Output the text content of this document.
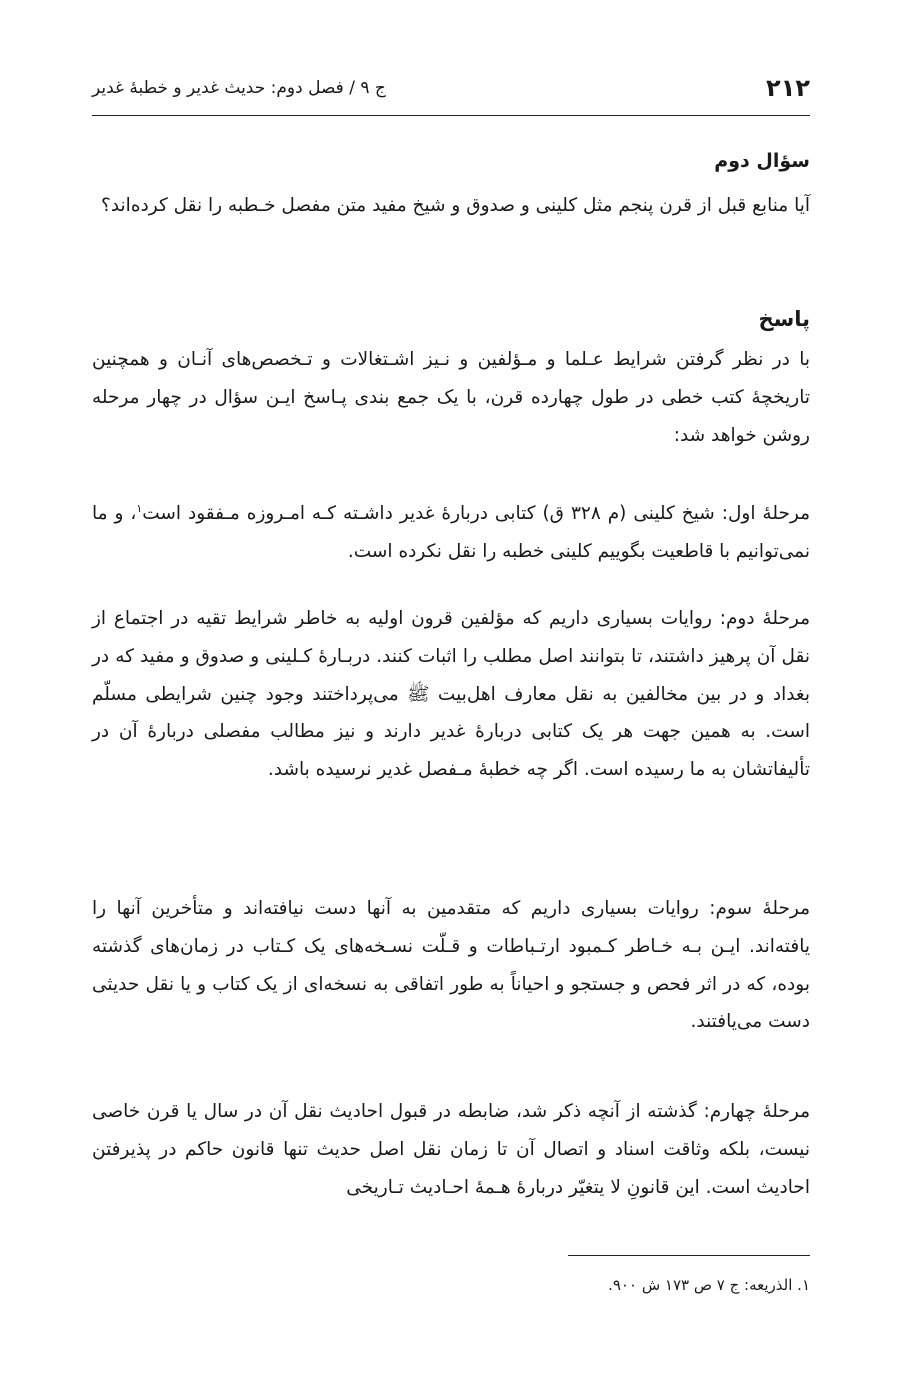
۲۱۲
ج ۹ / فصل دوم: حدیث غدیر و خطبۀ غدیر
سؤال دوم

آیا منابع قبل از قرن پنجم مثل کلینی و صدوق و شیخ مفید متن مفصل خـطبه را نقل کرده‌اند؟

پاسخ

با در نظر گرفتن شرایط عـلما و مـؤلفین و نـیز اشـتغالات و تـخصص‌های آنـان و همچنین تاریخچۀ کتب خطی در طول چهارده قرن، با یک جمع بندی پـاسخ ایـن سؤال در چهار مرحله روشن خواهد شد:

مرحلۀ اول: شیخ کلینی (م ۳۲۸ ق) کتابی دربارۀ غدیر داشـته کـه امـروزه مـفقود است$^۱$، و ما نمی‌توانیم با قاطعیت بگوییم کلینی خطبه را نقل نکرده است.

مرحلۀ دوم: روایات بسیاری داریم که مؤلفین قرون اولیه به خاطر شرایط تقیه در اجتماع از نقل آن پرهیز داشتند، تا بتوانند اصل مطلب را اثبات کنند. دربـارۀ کـلینی و صدوق و مفید که در بغداد و در بین مخالفین به نقل معارف اهل‌بیت ﷺ می‌پرداختند وجود چنین شرایطی مسلّم است. به همین جهت هر یک کتابی دربارۀ غدیر دارند و نیز مطالب مفصلی دربارۀ آن در تألیفاتشان به ما رسیده است. اگر چه خطبۀ مـفصل غدیر نرسیده باشد.

مرحلۀ سوم: روایات بسیاری داریم که متقدمین به آنها دست نیافته‌اند و متأخرین آنها را یافته‌اند. ایـن بـه خـاطر کـمبود ارتـباطات و قـلّت نسـخه‌های یک کـتاب در زمان‌های گذشته بوده، که در اثر فحص و جستجو و احیاناً به طور اتفاقی به نسخه‌ای از یک کتاب و یا نقل حدیثی دست می‌یافتند.

مرحلۀ چهارم: گذشته از آنچه ذکر شد، ضابطه در قبول احادیث نقل آن در سال یا قرن خاصی نیست، بلکه وثاقت اسناد و اتصال آن تا زمان نقل اصل حدیث تنها قانون حاکم در پذیرفتن احادیث است. این قانونِ لا یتغیّر دربارۀ هـمۀ احـادیث تـاریخی

۱. الذریعه: ج ۷ ص ۱۷۳ ش ۹۰۰.
